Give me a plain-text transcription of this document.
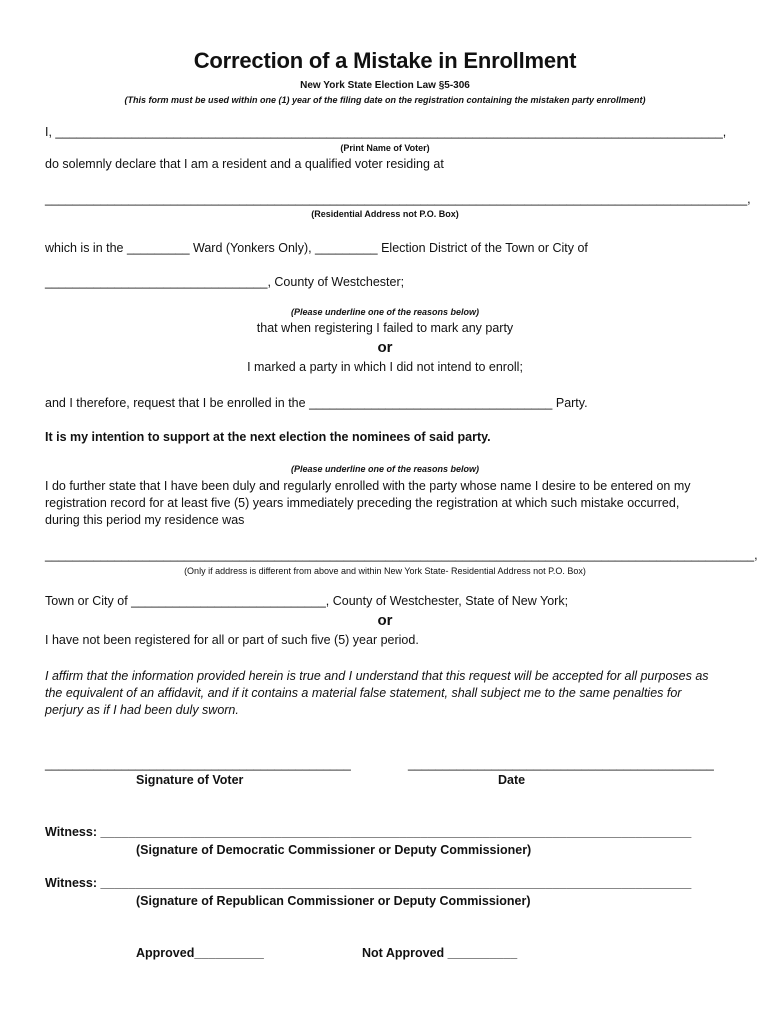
Correction of a Mistake in Enrollment
New York State Election Law §5-306
(This form must be used within one (1) year of the filing date on the registration containing the mistaken party enrollment)
I, ________________________________________________________________________________________________,
(Print Name of Voter)
do solemnly declare that I am a resident and a qualified voter residing at
_____________________________________________________________________________________________________,
(Residential Address not P.O. Box)
which is in the _________ Ward (Yonkers Only), _________ Election District of the Town or City of
________________________________, County of Westchester;
(Please underline one of the reasons below)
that when registering I failed to mark any party
or
I marked a party in which I did not intend to enroll;
and I therefore, request that I be enrolled in the ___________________________________ Party.
It is my intention to support at the next election the nominees of said party.
(Please underline one of the reasons below)
I do further state that I have been duly and regularly enrolled with the party whose name I desire to be entered on my registration record for at least five (5) years immediately preceding the registration at which such mistake occurred, during this period my residence was
______________________________________________________________________________________________________,
(Only if address is different from above and within New York State- Residential Address not P.O. Box)
Town or City of ____________________________, County of Westchester, State of New York;
or
I have not been registered for all or part of such five (5) year period.
I affirm that the information provided herein is true and I understand that this request will be accepted for all purposes as the equivalent of an affidavit, and if it contains a material false statement, shall subject me to the same penalties for perjury as if I had been duly sworn.
____________________________________________
Signature of Voter
____________________________________________
Date
Witness: _____________________________________________________________________________________
(Signature of Democratic Commissioner or Deputy Commissioner)
Witness: _____________________________________________________________________________________
(Signature of Republican Commissioner or Deputy Commissioner)
Approved__________	Not Approved __________
